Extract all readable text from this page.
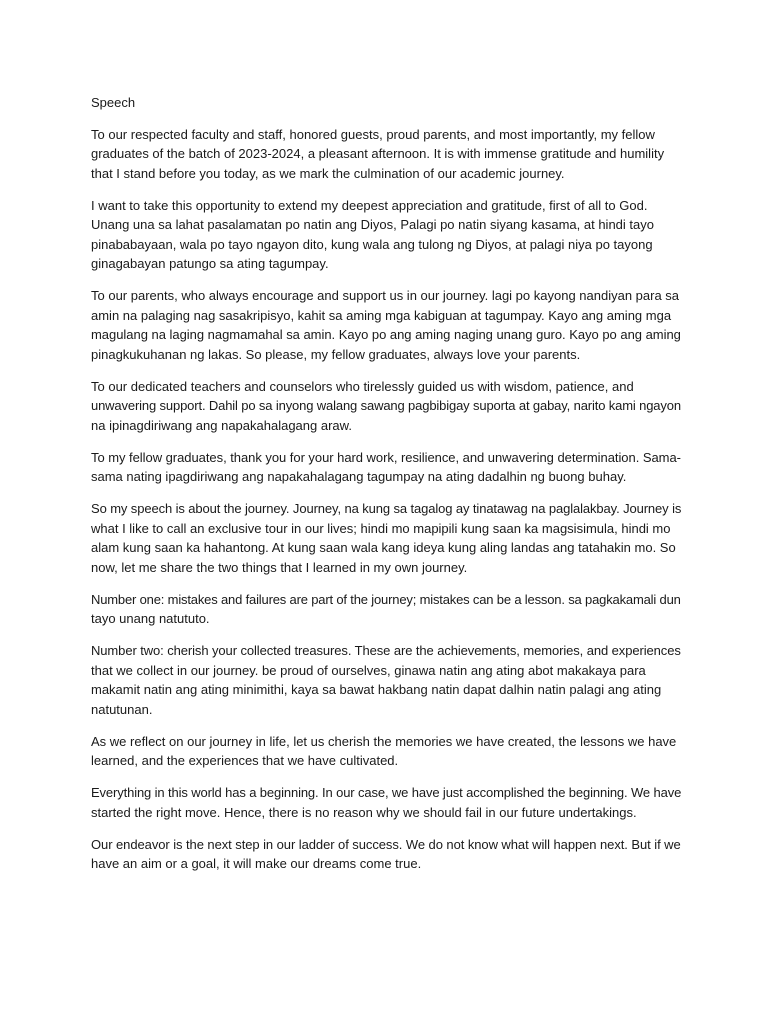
Speech
To our respected faculty and staff, honored guests, proud parents, and most importantly, my fellow
graduates of the batch of 2023-2024, a pleasant afternoon. It is with immense gratitude and humility
that I stand before you today, as we mark the culmination of our academic journey.
I want to take this opportunity to extend my deepest appreciation and gratitude, first of all to God.
Unang una sa lahat pasalamatan po natin ang Diyos, Palagi po natin siyang kasama, at hindi tayo
pinababayaan, wala po tayo ngayon dito, kung wala ang tulong ng Diyos, at palagi niya po tayong
ginagabayan patungo sa ating tagumpay.
To our parents, who always encourage and support us in our journey. lagi po kayong nandiyan para sa
amin na palaging nag sasakripisyo, kahit sa aming mga kabiguan at tagumpay. Kayo ang aming mga
magulang na laging nagmamahal sa amin. Kayo po ang aming naging unang guro. Kayo po ang aming
pinagkukuhanan ng lakas. So please, my fellow graduates, always love your parents.
To our dedicated teachers and counselors who tirelessly guided us with wisdom, patience, and
unwavering support. Dahil po sa inyong walang sawang pagbibigay suporta at gabay, narito kami ngayon
na ipinagdiriwang ang napakahalagang araw.
To my fellow graduates, thank you for your hard work, resilience, and unwavering determination. Sama-
sama nating ipagdiriwang ang napakahalagang tagumpay na ating dadalhin ng buong buhay.
So my speech is about the journey. Journey, na kung sa tagalog ay tinatawag na paglalakbay. Journey is
what I like to call an exclusive tour in our lives; hindi mo mapipili kung saan ka magsisimula, hindi mo
alam kung saan ka hahantong. At kung saan wala kang ideya kung aling landas ang tatahakin mo. So
now, let me share the two things that I learned in my own journey.
Number one: mistakes and failures are part of the journey; mistakes can be a lesson. sa pagkakamali dun
tayo unang natututo.
Number two: cherish your collected treasures. These are the achievements, memories, and experiences
that we collect in our journey. be proud of ourselves, ginawa natin ang ating abot makakaya para
makamit natin ang ating minimithi, kaya sa bawat hakbang natin dapat dalhin natin palagi ang ating
natutunan.
As we reflect on our journey in life, let us cherish the memories we have created, the lessons we have
learned, and the experiences that we have cultivated.
Everything in this world has a beginning. In our case, we have just accomplished the beginning. We have
started the right move. Hence, there is no reason why we should fail in our future undertakings.
Our endeavor is the next step in our ladder of success. We do not know what will happen next. But if we
have an aim or a goal, it will make our dreams come true.
